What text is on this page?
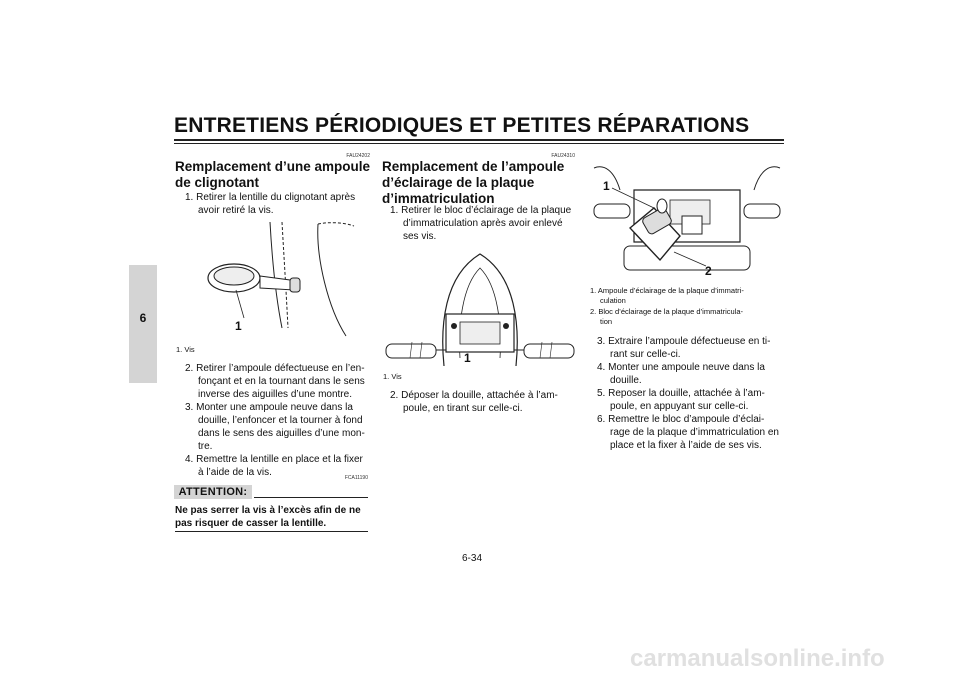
ENTRETIENS PÉRIODIQUES ET PETITES RÉPARATIONS
6
FAU24202
Remplacement d’une ampoule
de clignotant
1. Retirer la lentille du clignotant après
avoir retiré la vis.
1
1. Vis
2. Retirer l’ampoule défectueuse en l’en-
fonçant et en la tournant dans le sens
inverse des aiguilles d’une montre.
3. Monter une ampoule neuve dans la
douille, l’enfoncer et la tourner à fond
dans le sens des aiguilles d’une mon-
tre.
4. Remettre la lentille en place et la fixer
à l’aide de la vis.	FCA11190
ATTENTION:
Ne pas serrer la vis à l’excès afin de ne
pas risquer de casser la lentille.
FAU24310
Remplacement de l’ampoule
d’éclairage de la plaque
d’immatriculation
1. Retirer le bloc d’éclairage de la plaque
d’immatriculation après avoir enlevé
ses vis.
1
1. Vis
2. Déposer la douille, attachée à l’am-
poule, en tirant sur celle-ci.
1
2
1. Ampoule d’éclairage de la plaque d’immatri-
culation
2. Bloc d’éclairage de la plaque d’immatricula-
tion
3. Extraire l’ampoule défectueuse en ti-
rant sur celle-ci.
4. Monter une ampoule neuve dans la
douille.
5. Reposer la douille, attachée à l’am-
poule, en appuyant sur celle-ci.
6. Remettre le bloc d’ampoule d’éclai-
rage de la plaque d’immatriculation en
place et la fixer à l’aide de ses vis.
6-34
carmanualsonline.info
